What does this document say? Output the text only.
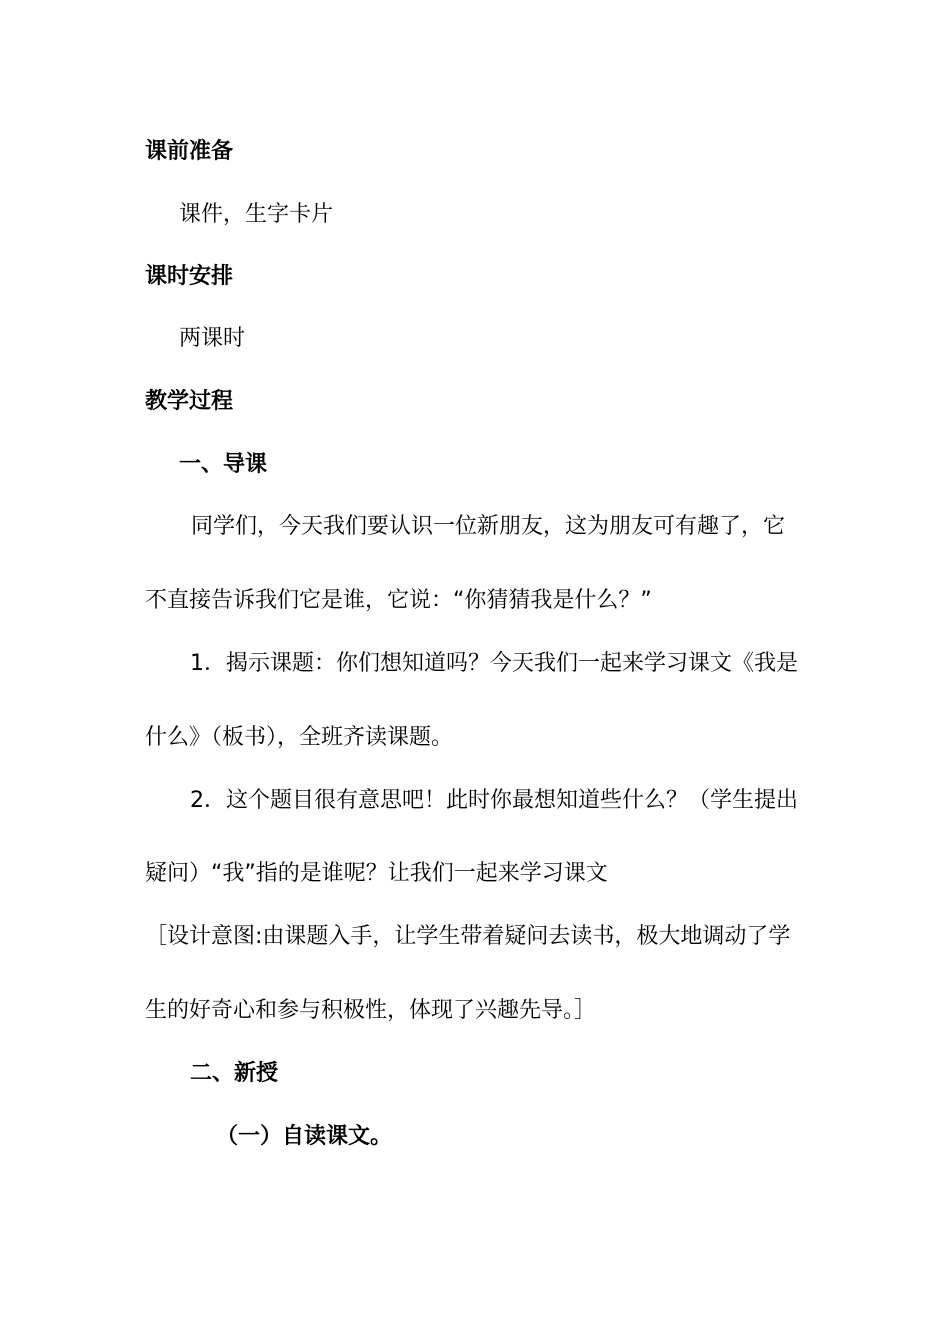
课前准备
课件，生字卡片
课时安排
两课时
教学过程
一、导课
同学们，今天我们要认识一位新朋友，这为朋友可有趣了，它
不直接告诉我们它是谁，它说：“你猜猜我是什么？”
1．揭示课题：你们想知道吗？今天我们一起来学习课文《我是
什么》（板书），全班齐读课题。
2．这个题目很有意思吧！此时你最想知道些什么？（学生提出
疑问）“我”指的是谁呢？让我们一起来学习课文
［设计意图:由课题入手，让学生带着疑问去读书，极大地调动了学
生的好奇心和参与积极性，体现了兴趣先导。］
二、新授
（一）自读课文。
